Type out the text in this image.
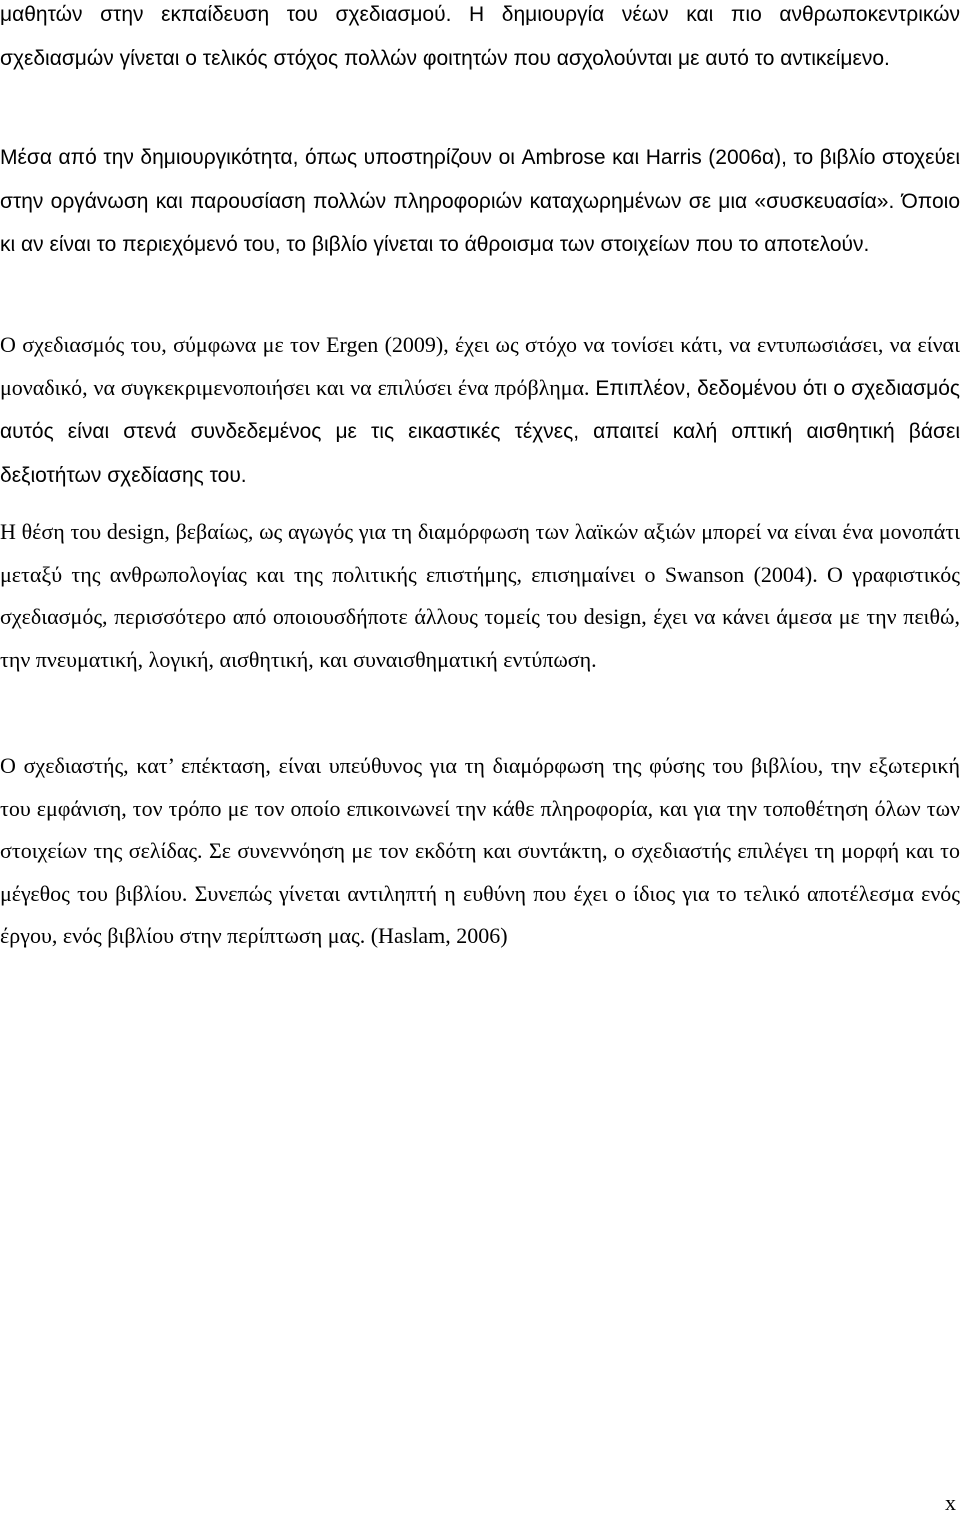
μαθητών στην εκπαίδευση του σχεδιασμού. Η δημιουργία νέων και πιο ανθρωποκεντρικών σχεδιασμών γίνεται ο τελικός στόχος πολλών φοιτητών που ασχολούνται με αυτό το αντικείμενο.

Μέσα από την δημιουργικότητα, όπως υποστηρίζουν οι Ambrose και Harris (2006α), το βιβλίο στοχεύει στην οργάνωση και παρουσίαση πολλών πληροφοριών καταχωρημένων σε μια «συσκευασία». Όποιο κι αν είναι το περιεχόμενό του, το βιβλίο γίνεται το άθροισμα των στοιχείων που το αποτελούν.

Ο σχεδιασμός του, σύμφωνα με τον Ergen (2009), έχει ως στόχο να τονίσει κάτι, να εντυπωσιάσει, να είναι μοναδικό, να συγκεκριμενοποιήσει και να επιλύσει ένα πρόβλημα. Επιπλέον, δεδομένου ότι ο σχεδιασμός αυτός είναι στενά συνδεδεμένος με τις εικαστικές τέχνες, απαιτεί καλή οπτική αισθητική βάσει δεξιοτήτων σχεδίασης του.

Η θέση του design, βεβαίως, ως αγωγός για τη διαμόρφωση των λαϊκών αξιών μπορεί να είναι ένα μονοπάτι μεταξύ της ανθρωπολογίας και της πολιτικής επιστήμης, επισημαίνει ο Swanson (2004). Ο γραφιστικός σχεδιασμός, περισσότερο από οποιουσδήποτε άλλους τομείς του design, έχει να κάνει άμεσα με την πειθώ, την πνευματική, λογική, αισθητική, και συναισθηματική εντύπωση.

Ο σχεδιαστής, κατ’ επέκταση, είναι υπεύθυνος για τη διαμόρφωση της φύσης του βιβλίου, την εξωτερική του εμφάνιση, τον τρόπο με τον οποίο επικοινωνεί την κάθε πληροφορία, και για την τοποθέτηση όλων των στοιχείων της σελίδας. Σε συνεννόηση με τον εκδότη και συντάκτη, ο σχεδιαστής επιλέγει τη μορφή και το μέγεθος του βιβλίου. Συνεπώς γίνεται αντιληπτή η ευθύνη που έχει ο ίδιος για το τελικό αποτέλεσμα ενός έργου, ενός βιβλίου στην περίπτωση μας. (Haslam, 2006)

x
